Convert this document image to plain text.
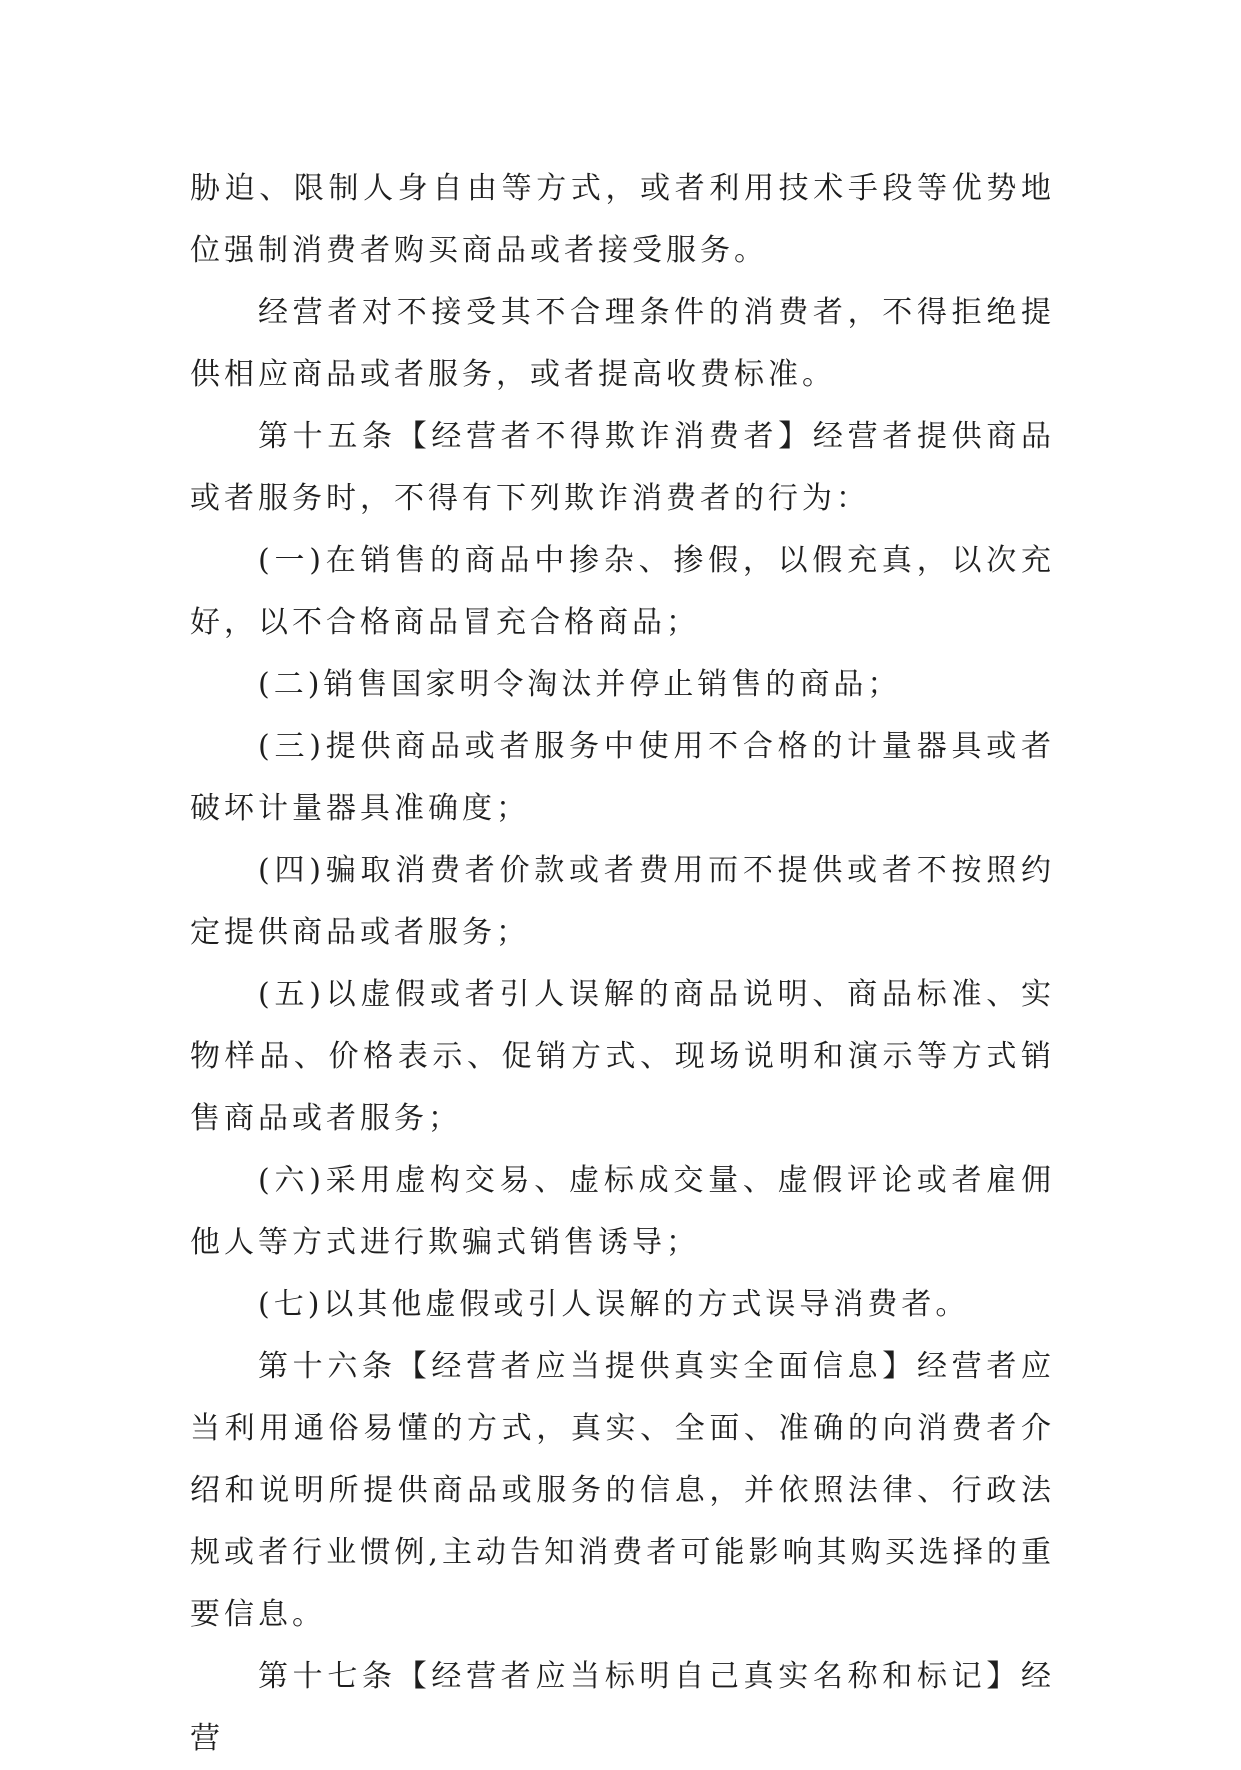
胁迫、限制人身自由等方式，或者利用技术手段等优势地位强制消费者购买商品或者接受服务。

经营者对不接受其不合理条件的消费者，不得拒绝提供相应商品或者服务，或者提高收费标准。

第十五条【经营者不得欺诈消费者】经营者提供商品或者服务时，不得有下列欺诈消费者的行为：

(一)在销售的商品中掺杂、掺假，以假充真，以次充好，以不合格商品冒充合格商品；

(二)销售国家明令淘汰并停止销售的商品；

(三)提供商品或者服务中使用不合格的计量器具或者破坏计量器具准确度；

(四)骗取消费者价款或者费用而不提供或者不按照约定提供商品或者服务；

(五)以虚假或者引人误解的商品说明、商品标准、实物样品、价格表示、促销方式、现场说明和演示等方式销售商品或者服务；

(六)采用虚构交易、虚标成交量、虚假评论或者雇佣他人等方式进行欺骗式销售诱导；

(七)以其他虚假或引人误解的方式误导消费者。

第十六条【经营者应当提供真实全面信息】经营者应当利用通俗易懂的方式，真实、全面、准确的向消费者介绍和说明所提供商品或服务的信息，并依照法律、行政法规或者行业惯例,主动告知消费者可能影响其购买选择的重要信息。

第十七条【经营者应当标明自己真实名称和标记】经营
